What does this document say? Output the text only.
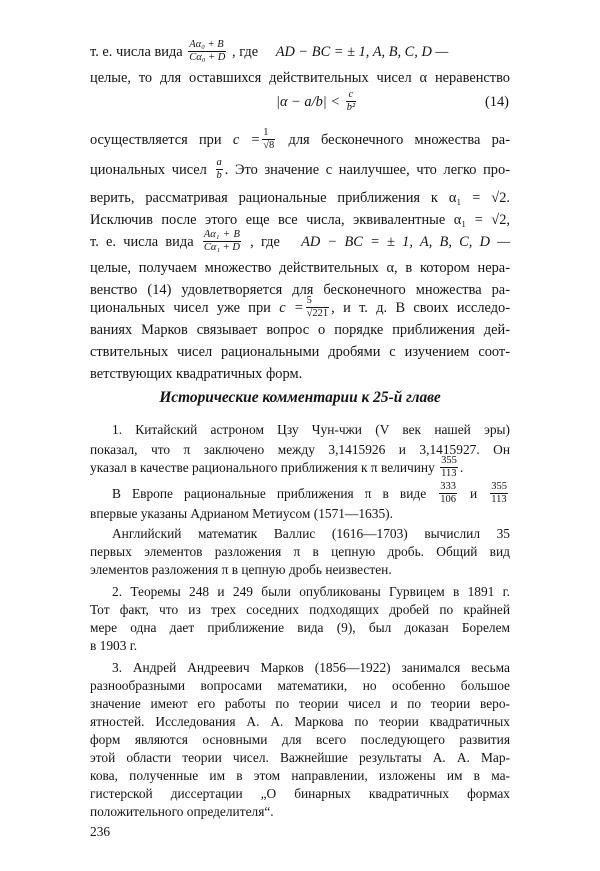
т. е. числа вида $\frac{\text{Aα₀ + B}}{\text{Cα₀ + D}}$ , где AD − BC = ± 1, A, B, C, D —
целые, то для оставшихся действительных чисел α неравенство
$|\alpha - a/b| < \frac{c}{\text{b²}}$	(14)
осуществляется при $c = \frac{1}{√8}$ для бесконечного множества ра-
циональных чисел $\frac{a}{b}$ . Это значение c наилучшее, что легко про-
верить, рассматривая рациональные приближения к α₁ = √2.
Исключив после этого еще все числа, эквивалентные α₁ = √2,
т. е. числа вида $\frac{\text{Aα₁ + B}}{\text{Cα₁ + D}}$ , где AD − BC = ± 1, A, B, C, D —
целые, получаем множество действительных α, в котором нера-
венство (14) удовлетворяется для бесконечного множества ра-
циональных чисел уже при $c = \frac{5}{√221}$ , и т. д. В своих исследо-
ваниях Марков связывает вопрос о порядке приближения дей-
ствительных чисел рациональными дробями с изучением соот-
ветствующих квадратичных форм.
Исторические комментарии к 25-й главе
1. Китайский астроном Цзу Чун-чжи (V век нашей эры)
показал, что π заключено между 3,1415926 и 3,1415927. Он
указал в качестве рационального приближения к π величину $\frac{355}{113}$ .
В Европе рациональные приближения π в виде $\frac{333}{106}$ и $\frac{355}{113}$
впервые указаны Адрианом Метиусом (1571—1635).
Английский математик Валлис (1616—1703) вычислил 35
первых элементов разложения π в цепную дробь. Общий вид
элементов разложения π в цепную дробь неизвестен.
2. Теоремы 248 и 249 были опубликованы Гурвицем в 1891 г.
Тот факт, что из трех соседних подходящих дробей по крайней
мере одна дает приближение вида (9), был доказан Борелем
в 1903 г.
3. Андрей Андреевич Марков (1856—1922) занимался весьма
разнообразными вопросами математики, но особенно большое
значение имеют его работы по теории чисел и по теории веро-
ятностей. Исследования А. А. Маркова по теории квадратичных
форм являются основными для всего последующего развития
этой области теории чисел. Важнейшие результаты А. А. Мар-
кова, полученные им в этом направлении, изложены им в ма-
гистерской диссертации „О бинарных квадратичных формах
положительного определителя“.
236
